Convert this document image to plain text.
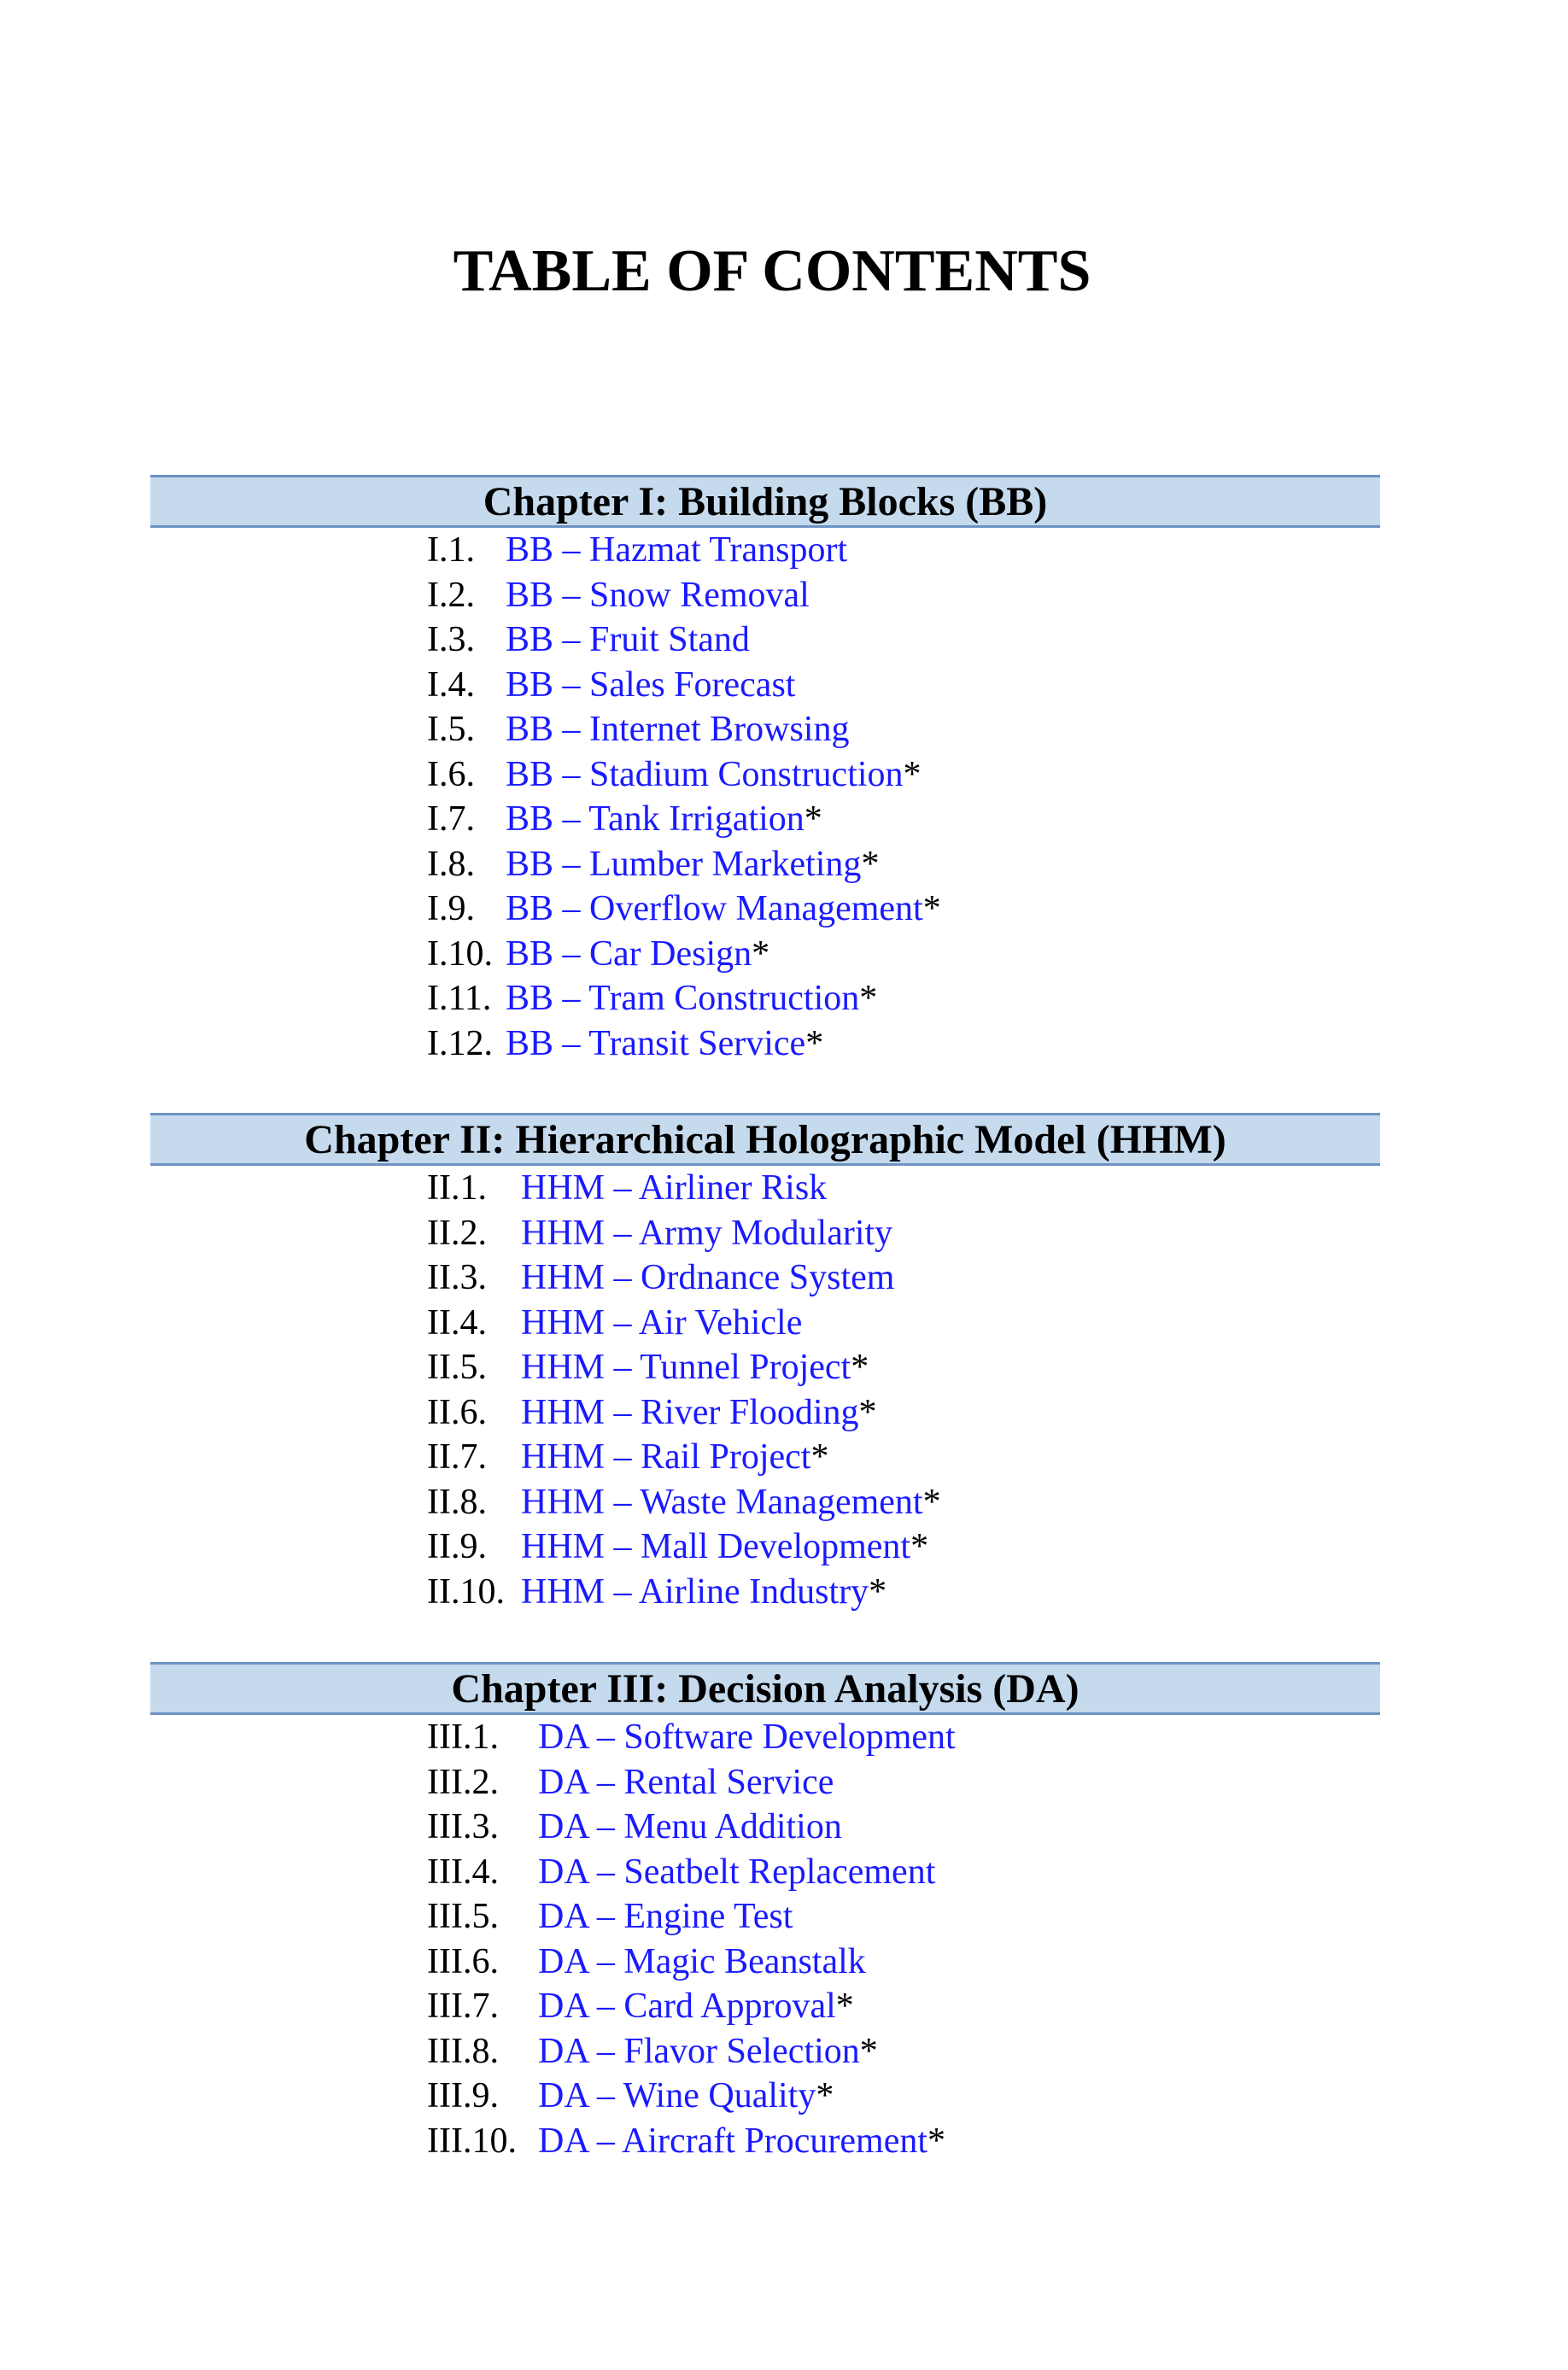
TABLE OF CONTENTS
Chapter I: Building Blocks (BB)
I.1. BB – Hazmat Transport
I.2. BB – Snow Removal
I.3. BB – Fruit Stand
I.4. BB – Sales Forecast
I.5. BB – Internet Browsing
I.6. BB – Stadium Construction*
I.7. BB – Tank Irrigation*
I.8. BB – Lumber Marketing*
I.9. BB – Overflow Management*
I.10. BB – Car Design*
I.11. BB – Tram Construction*
I.12. BB – Transit Service*
Chapter II: Hierarchical Holographic Model (HHM)
II.1. HHM – Airliner Risk
II.2. HHM – Army Modularity
II.3. HHM – Ordnance System
II.4. HHM – Air Vehicle
II.5. HHM – Tunnel Project*
II.6. HHM – River Flooding*
II.7. HHM – Rail Project*
II.8. HHM – Waste Management*
II.9. HHM – Mall Development*
II.10. HHM – Airline Industry*
Chapter III: Decision Analysis (DA)
III.1. DA – Software Development
III.2. DA – Rental Service
III.3. DA – Menu Addition
III.4. DA – Seatbelt Replacement
III.5. DA – Engine Test
III.6. DA – Magic Beanstalk
III.7. DA – Card Approval*
III.8. DA – Flavor Selection*
III.9. DA – Wine Quality*
III.10. DA – Aircraft Procurement*
